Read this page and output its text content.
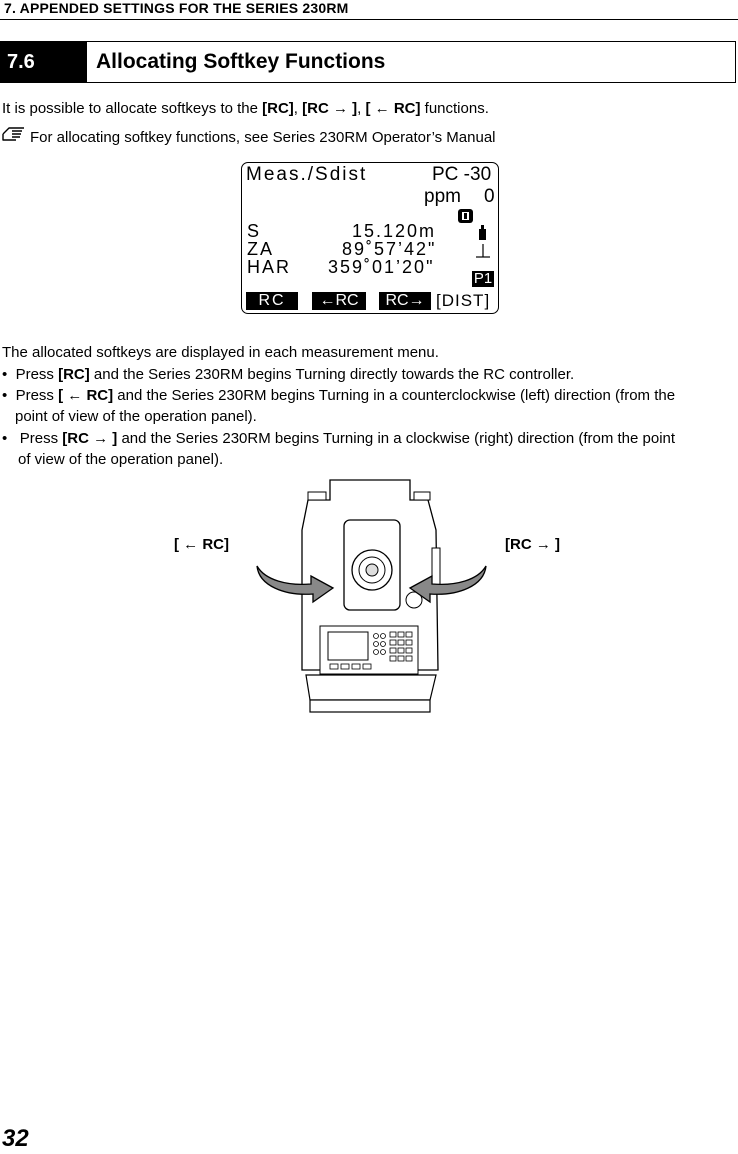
7. APPENDED SETTINGS FOR THE SERIES 230RM
7.6	Allocating Softkey Functions
It is possible to allocate softkeys to the [RC], [RC → ], [ ← RC] functions.
For allocating softkey functions, see Series 230RM Operator’s Manual
Meas./Sdist	PC -30
ppm 0
S	15.120m
ZA	89˚57’42"
HAR 359˚01’20"
P1
RC	←RC	RC→ [DIST]
The allocated softkeys are displayed in each measurement menu.
•  Press [RC] and the Series 230RM begins Turning directly towards the RC controller.
•  Press [ ← RC] and the Series 230RM begins Turning in a counterclockwise (left) direction (from the
point of view of the operation panel).
•   Press [RC → ] and the Series 230RM begins Turning in a clockwise (right) direction (from the point
of view of the operation panel).
[ ← RC]	[RC → ]
32
